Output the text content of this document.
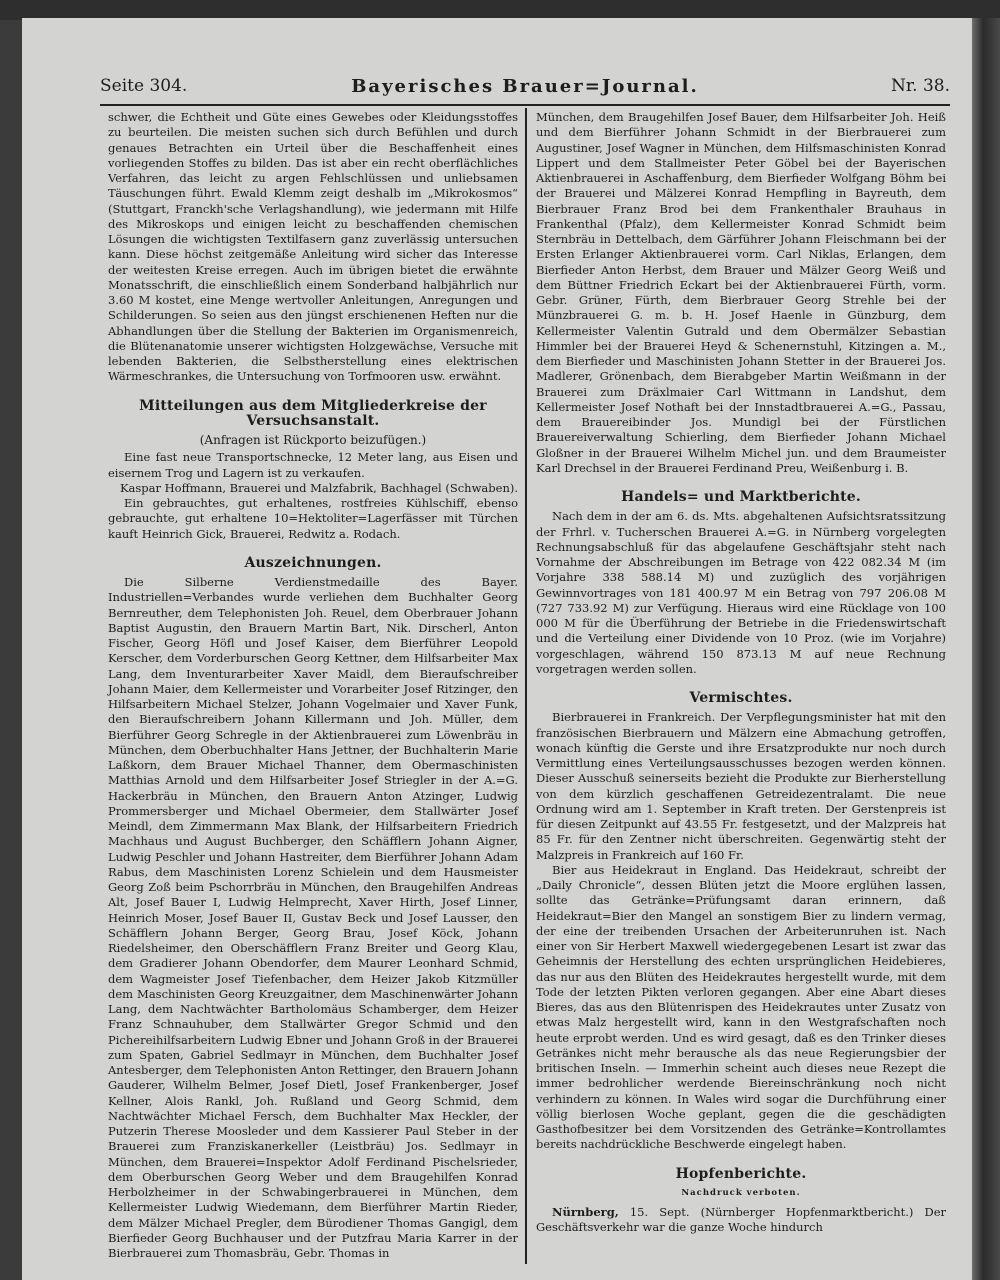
Bayerisches Brauer=Journal.
Seite 304.	Nr. 38.

schwer, die Echtheit und Güte eines Gewebes oder Kleidungsstoffes zu beurteilen. Die meisten suchen sich durch Befühlen und durch genaues Betrachten ein Urteil über die Beschaffenheit eines vorliegenden Stoffes zu bilden. Das ist aber ein recht oberflächliches Verfahren, das leicht zu argen Fehlschlüssen und unliebsamen Täuschungen führt. Ewald Klemm zeigt deshalb im „Mikrokosmos“ (Stuttgart, Franckh'sche Verlagshandlung), wie jedermann mit Hilfe des Mikroskops und einigen leicht zu beschaffenden chemischen Lösungen die wichtigsten Textilfasern ganz zuverlässig untersuchen kann. Diese höchst zeitgemäße Anleitung wird sicher das Interesse der weitesten Kreise erregen. Auch im übrigen bietet die erwähnte Monatsschrift, die einschließlich einem Sonderband halbjährlich nur 3.60 M kostet, eine Menge wertvoller Anleitungen, Anregungen und Schilderungen. So seien aus den jüngst erschienenen Heften nur die Abhandlungen über die Stellung der Bakterien im Organismenreich, die Blütenanatomie unserer wichtigsten Holzgewächse, Versuche mit lebenden Bakterien, die Selbstherstellung eines elektrischen Wärmeschrankes, die Untersuchung von Torfmooren usw. erwähnt.

Mitteilungen aus dem Mitgliederkreise der Versuchsanstalt.

(Anfragen ist Rückporto beizufügen.)

Eine fast neue Transportschnecke, 12 Meter lang, aus Eisen und eisernem Trog und Lagern ist zu verkaufen.

Kaspar Hoffmann, Brauerei und Malzfabrik, Bachhagel (Schwaben).

Ein gebrauchtes, gut erhaltenes, rostfreies Kühlschiff, ebenso gebrauchte, gut erhaltene 10=Hektoliter=Lagerfässer mit Türchen kauft Heinrich Gick, Brauerei, Redwitz a. Rodach.

Auszeichnungen.

Die Silberne Verdienstmedaille des Bayer. Industriellen=Verbandes wurde verliehen dem Buchhalter Georg Bernreuther, dem Telephonisten Joh. Reuel, dem Oberbrauer Johann Baptist Augustin, den Brauern Martin Bart, Nik. Dirscherl, Anton Fischer, Georg Höfl und Josef Kaiser, dem Bierführer Leopold Kerscher, dem Vorderburschen Georg Kettner, dem Hilfsarbeiter Max Lang, dem Inventurarbeiter Xaver Maidl, dem Bieraufschreiber Johann Maier, dem Kellermeister und Vorarbeiter Josef Ritzinger, den Hilfsarbeitern Michael Stelzer, Johann Vogelmaier und Xaver Funk, den Bieraufschreibern Johann Killermann und Joh. Müller, dem Bierführer Georg Schregle in der Aktienbrauerei zum Löwenbräu in München, dem Oberbuchhalter Hans Jettner, der Buchhalterin Marie Laßkorn, dem Brauer Michael Thanner, dem Obermaschinisten Matthias Arnold und dem Hilfsarbeiter Josef Striegler in der A.=G. Hackerbräu in München, den Brauern Anton Atzinger, Ludwig Prommersberger und Michael Obermeier, dem Stallwärter Josef Meindl, dem Zimmermann Max Blank, der Hilfsarbeitern Friedrich Machhaus und August Buchberger, den Schäfflern Johann Aigner, Ludwig Peschler und Johann Hastreiter, dem Bierführer Johann Adam Rabus, dem Maschinisten Lorenz Schielein und dem Hausmeister Georg Zoß beim Pschorrbräu in München, den Braugehilfen Andreas Alt, Josef Bauer I, Ludwig Helmprecht, Xaver Hirth, Josef Linner, Heinrich Moser, Josef Bauer II, Gustav Beck und Josef Lausser, den Schäfflern Johann Berger, Georg Brau, Josef Köck, Johann Riedelsheimer, den Oberschäfflern Franz Breiter und Georg Klau, dem Gradierer Johann Obendorfer, dem Maurer Leonhard Schmid, dem Wagmeister Josef Tiefenbacher, dem Heizer Jakob Kitzmüller dem Maschinisten Georg Kreuzgaitner, dem Maschinenwärter Johann Lang, dem Nachtwächter Bartholomäus Schamberger, dem Heizer Franz Schnauhuber, dem Stallwärter Gregor Schmid und den Pichereihilfsarbeitern Ludwig Ebner und Johann Groß in der Brauerei zum Spaten, Gabriel Sedlmayr in München, dem Buchhalter Josef Antesberger, dem Telephonisten Anton Rettinger, den Brauern Johann Gauderer, Wilhelm Belmer, Josef Dietl, Josef Frankenberger, Josef Kellner, Alois Rankl, Joh. Rußland und Georg Schmid, dem Nachtwächter Michael Fersch, dem Buchhalter Max Heckler, der Putzerin Therese Moosleder und dem Kassierer Paul Steber in der Brauerei zum Franziskanerkeller (Leistbräu) Jos. Sedlmayr in München, dem Brauerei=Inspektor Adolf Ferdinand Pischelsrieder, dem Oberburschen Georg Weber und dem Braugehilfen Konrad Herbolzheimer in der Schwabingerbrauerei in München, dem Kellermeister Ludwig Wiedemann, dem Bierführer Martin Rieder, dem Mälzer Michael Pregler, dem Bürodiener Thomas Gangigl, dem Bierfieder Georg Buchhauser und der Putzfrau Maria Karrer in der Bierbrauerei zum Thomasbräu, Gebr. Thomas in

München, dem Braugehilfen Josef Bauer, dem Hilfsarbeiter Joh. Heiß und dem Bierführer Johann Schmidt in der Bierbrauerei zum Augustiner, Josef Wagner in München, dem Hilfsmaschinisten Konrad Lippert und dem Stallmeister Peter Göbel bei der Bayerischen Aktienbrauerei in Aschaffenburg, dem Bierfieder Wolfgang Böhm bei der Brauerei und Mälzerei Konrad Hempfling in Bayreuth, dem Bierbrauer Franz Brod bei dem Frankenthaler Brauhaus in Frankenthal (Pfalz), dem Kellermeister Konrad Schmidt beim Sternbräu in Dettelbach, dem Gärführer Johann Fleischmann bei der Ersten Erlanger Aktienbrauerei vorm. Carl Niklas, Erlangen, dem Bierfieder Anton Herbst, dem Brauer und Mälzer Georg Weiß und dem Büttner Friedrich Eckart bei der Aktienbrauerei Fürth, vorm. Gebr. Grüner, Fürth, dem Bierbrauer Georg Strehle bei der Münzbrauerei G. m. b. H. Josef Haenle in Günzburg, dem Kellermeister Valentin Gutrald und dem Obermälzer Sebastian Himmler bei der Brauerei Heyd & Schenernstuhl, Kitzingen a. M., dem Bierfieder und Maschinisten Johann Stetter in der Brauerei Jos. Madlerer, Grönenbach, dem Bierabgeber Martin Weißmann in der Brauerei zum Dräxlmaier Carl Wittmann in Landshut, dem Kellermeister Josef Nothaft bei der Innstadtbrauerei A.=G., Passau, dem Brauereibinder Jos. Mundigl bei der Fürstlichen Brauereiverwaltung Schierling, dem Bierfieder Johann Michael Gloßner in der Brauerei Wilhelm Michel jun. und dem Braumeister Karl Drechsel in der Brauerei Ferdinand Preu, Weißenburg i. B.

Handels= und Marktberichte.

Nach dem in der am 6. ds. Mts. abgehaltenen Aufsichtsratssitzung der Frhrl. v. Tucherschen Brauerei A.=G. in Nürnberg vorgelegten Rechnungsabschluß für das abgelaufene Geschäftsjahr steht nach Vornahme der Abschreibungen im Betrage von 422 082.34 M (im Vorjahre 338 588.14 M) und zuzüglich des vorjährigen Gewinnvortrages von 181 400.97 M ein Betrag von 797 206.08 M (727 733.92 M) zur Verfügung. Hieraus wird eine Rücklage von 100 000 M für die Überführung der Betriebe in die Friedenswirtschaft und die Verteilung einer Dividende von 10 Proz. (wie im Vorjahre) vorgeschlagen, während 150 873.13 M auf neue Rechnung vorgetragen werden sollen.

Vermischtes.

Bierbrauerei in Frankreich. Der Verpflegungsminister hat mit den französischen Bierbrauern und Mälzern eine Abmachung getroffen, wonach künftig die Gerste und ihre Ersatzprodukte nur noch durch Vermittlung eines Verteilungsausschusses bezogen werden können. Dieser Ausschuß seinerseits bezieht die Produkte zur Bierherstellung von dem kürzlich geschaffenen Getreidezentralamt. Die neue Ordnung wird am 1. September in Kraft treten. Der Gerstenpreis ist für diesen Zeitpunkt auf 43.55 Fr. festgesetzt, und der Malzpreis hat 85 Fr. für den Zentner nicht überschreiten. Gegenwärtig steht der Malzpreis in Frankreich auf 160 Fr.

Bier aus Heidekraut in England. Das Heidekraut, schreibt der „Daily Chronicle“, dessen Blüten jetzt die Moore erglühen lassen, sollte das Getränke=Prüfungsamt daran erinnern, daß Heidekraut=Bier den Mangel an sonstigem Bier zu lindern vermag, der eine der treibenden Ursachen der Arbeiterunruhen ist. Nach einer von Sir Herbert Maxwell wiedergegebenen Lesart ist zwar das Geheimnis der Herstellung des echten ursprünglichen Heidebieres, das nur aus den Blüten des Heidekrautes hergestellt wurde, mit dem Tode der letzten Pikten verloren gegangen. Aber eine Abart dieses Bieres, das aus den Blütenrispen des Heidekrautes unter Zusatz von etwas Malz hergestellt wird, kann in den Westgrafschaften noch heute erprobt werden. Und es wird gesagt, daß es den Trinker dieses Getränkes nicht mehr berausche als das neue Regierungsbier der britischen Inseln. — Immerhin scheint auch dieses neue Rezept die immer bedrohlicher werdende Biereinschränkung noch nicht verhindern zu können. In Wales wird sogar die Durchführung einer völlig bierlosen Woche geplant, gegen die die geschädigten Gasthofbesitzer bei dem Vorsitzenden des Getränke=Kontrollamtes bereits nachdrückliche Beschwerde eingelegt haben.

Hopfenberichte.

Nachdruck verboten.

Nürnberg, 15. Sept. (Nürnberger Hopfenmarktbericht.) Der Geschäftsverkehr war die ganze Woche hindurch
